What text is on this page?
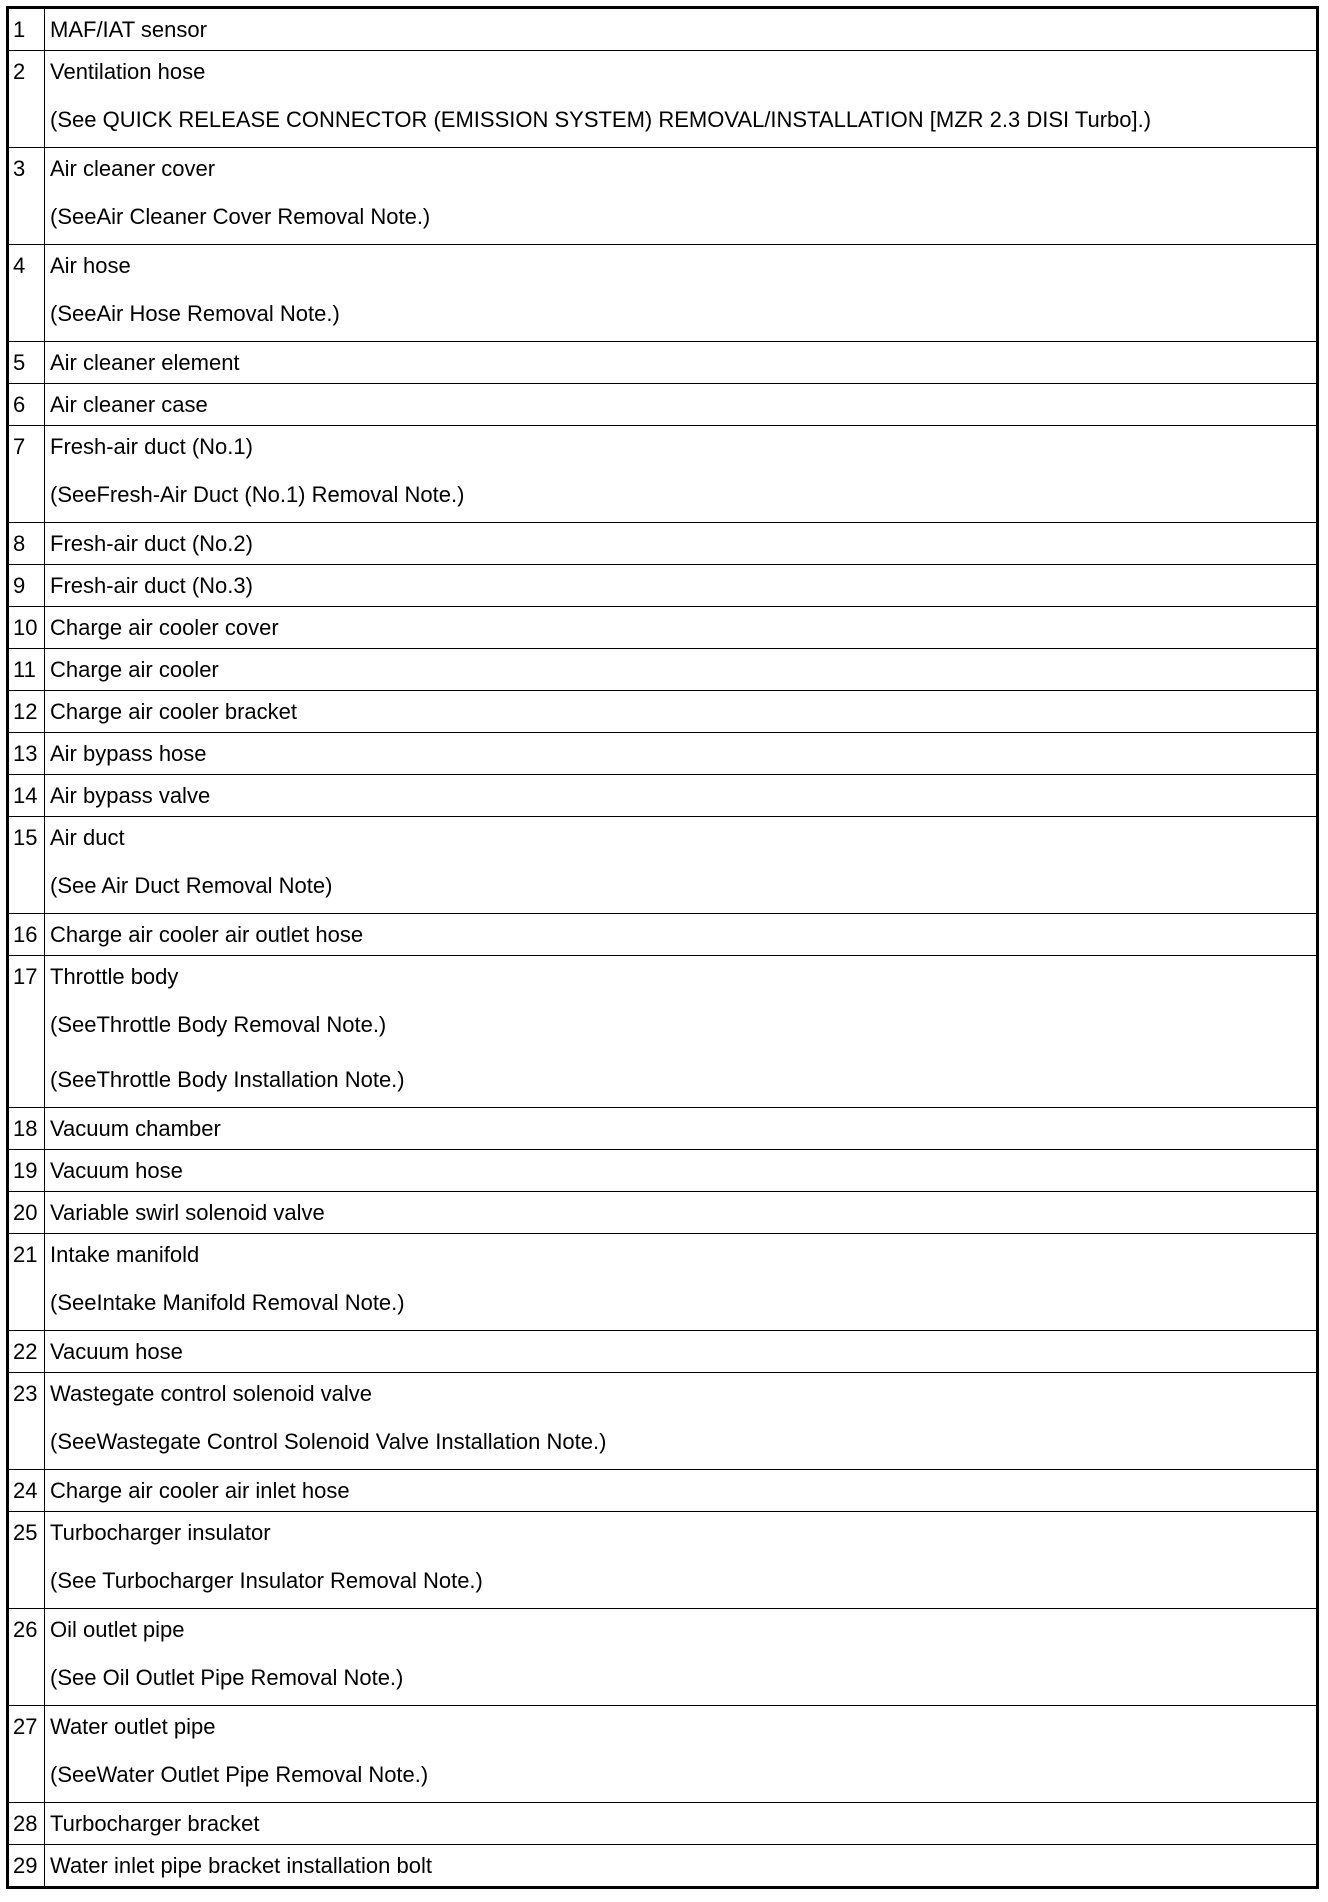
1	MAF/IAT sensor

2	Ventilation hose
(See QUICK RELEASE CONNECTOR (EMISSION SYSTEM) REMOVAL/INSTALLATION [MZR 2.3 DISI Turbo].)

3	Air cleaner cover
(SeeAir Cleaner Cover Removal Note.)

4	Air hose
(SeeAir Hose Removal Note.)

5	Air cleaner element

6	Air cleaner case

7	Fresh-air duct (No.1)
(SeeFresh-Air Duct (No.1) Removal Note.)

8	Fresh-air duct (No.2)

9	Fresh-air duct (No.3)

10	Charge air cooler cover

11	Charge air cooler

12	Charge air cooler bracket

13	Air bypass hose

14	Air bypass valve

15	Air duct
(See Air Duct Removal Note)

16	Charge air cooler air outlet hose

17	Throttle body
(SeeThrottle Body Removal Note.)
(SeeThrottle Body Installation Note.)

18	Vacuum chamber

19	Vacuum hose

20	Variable swirl solenoid valve

21	Intake manifold
(SeeIntake Manifold Removal Note.)

22	Vacuum hose

23	Wastegate control solenoid valve
(SeeWastegate Control Solenoid Valve Installation Note.)

24	Charge air cooler air inlet hose

25	Turbocharger insulator
(See Turbocharger Insulator Removal Note.)

26	Oil outlet pipe
(See Oil Outlet Pipe Removal Note.)

27	Water outlet pipe
(SeeWater Outlet Pipe Removal Note.)

28	Turbocharger bracket

29	Water inlet pipe bracket installation bolt
